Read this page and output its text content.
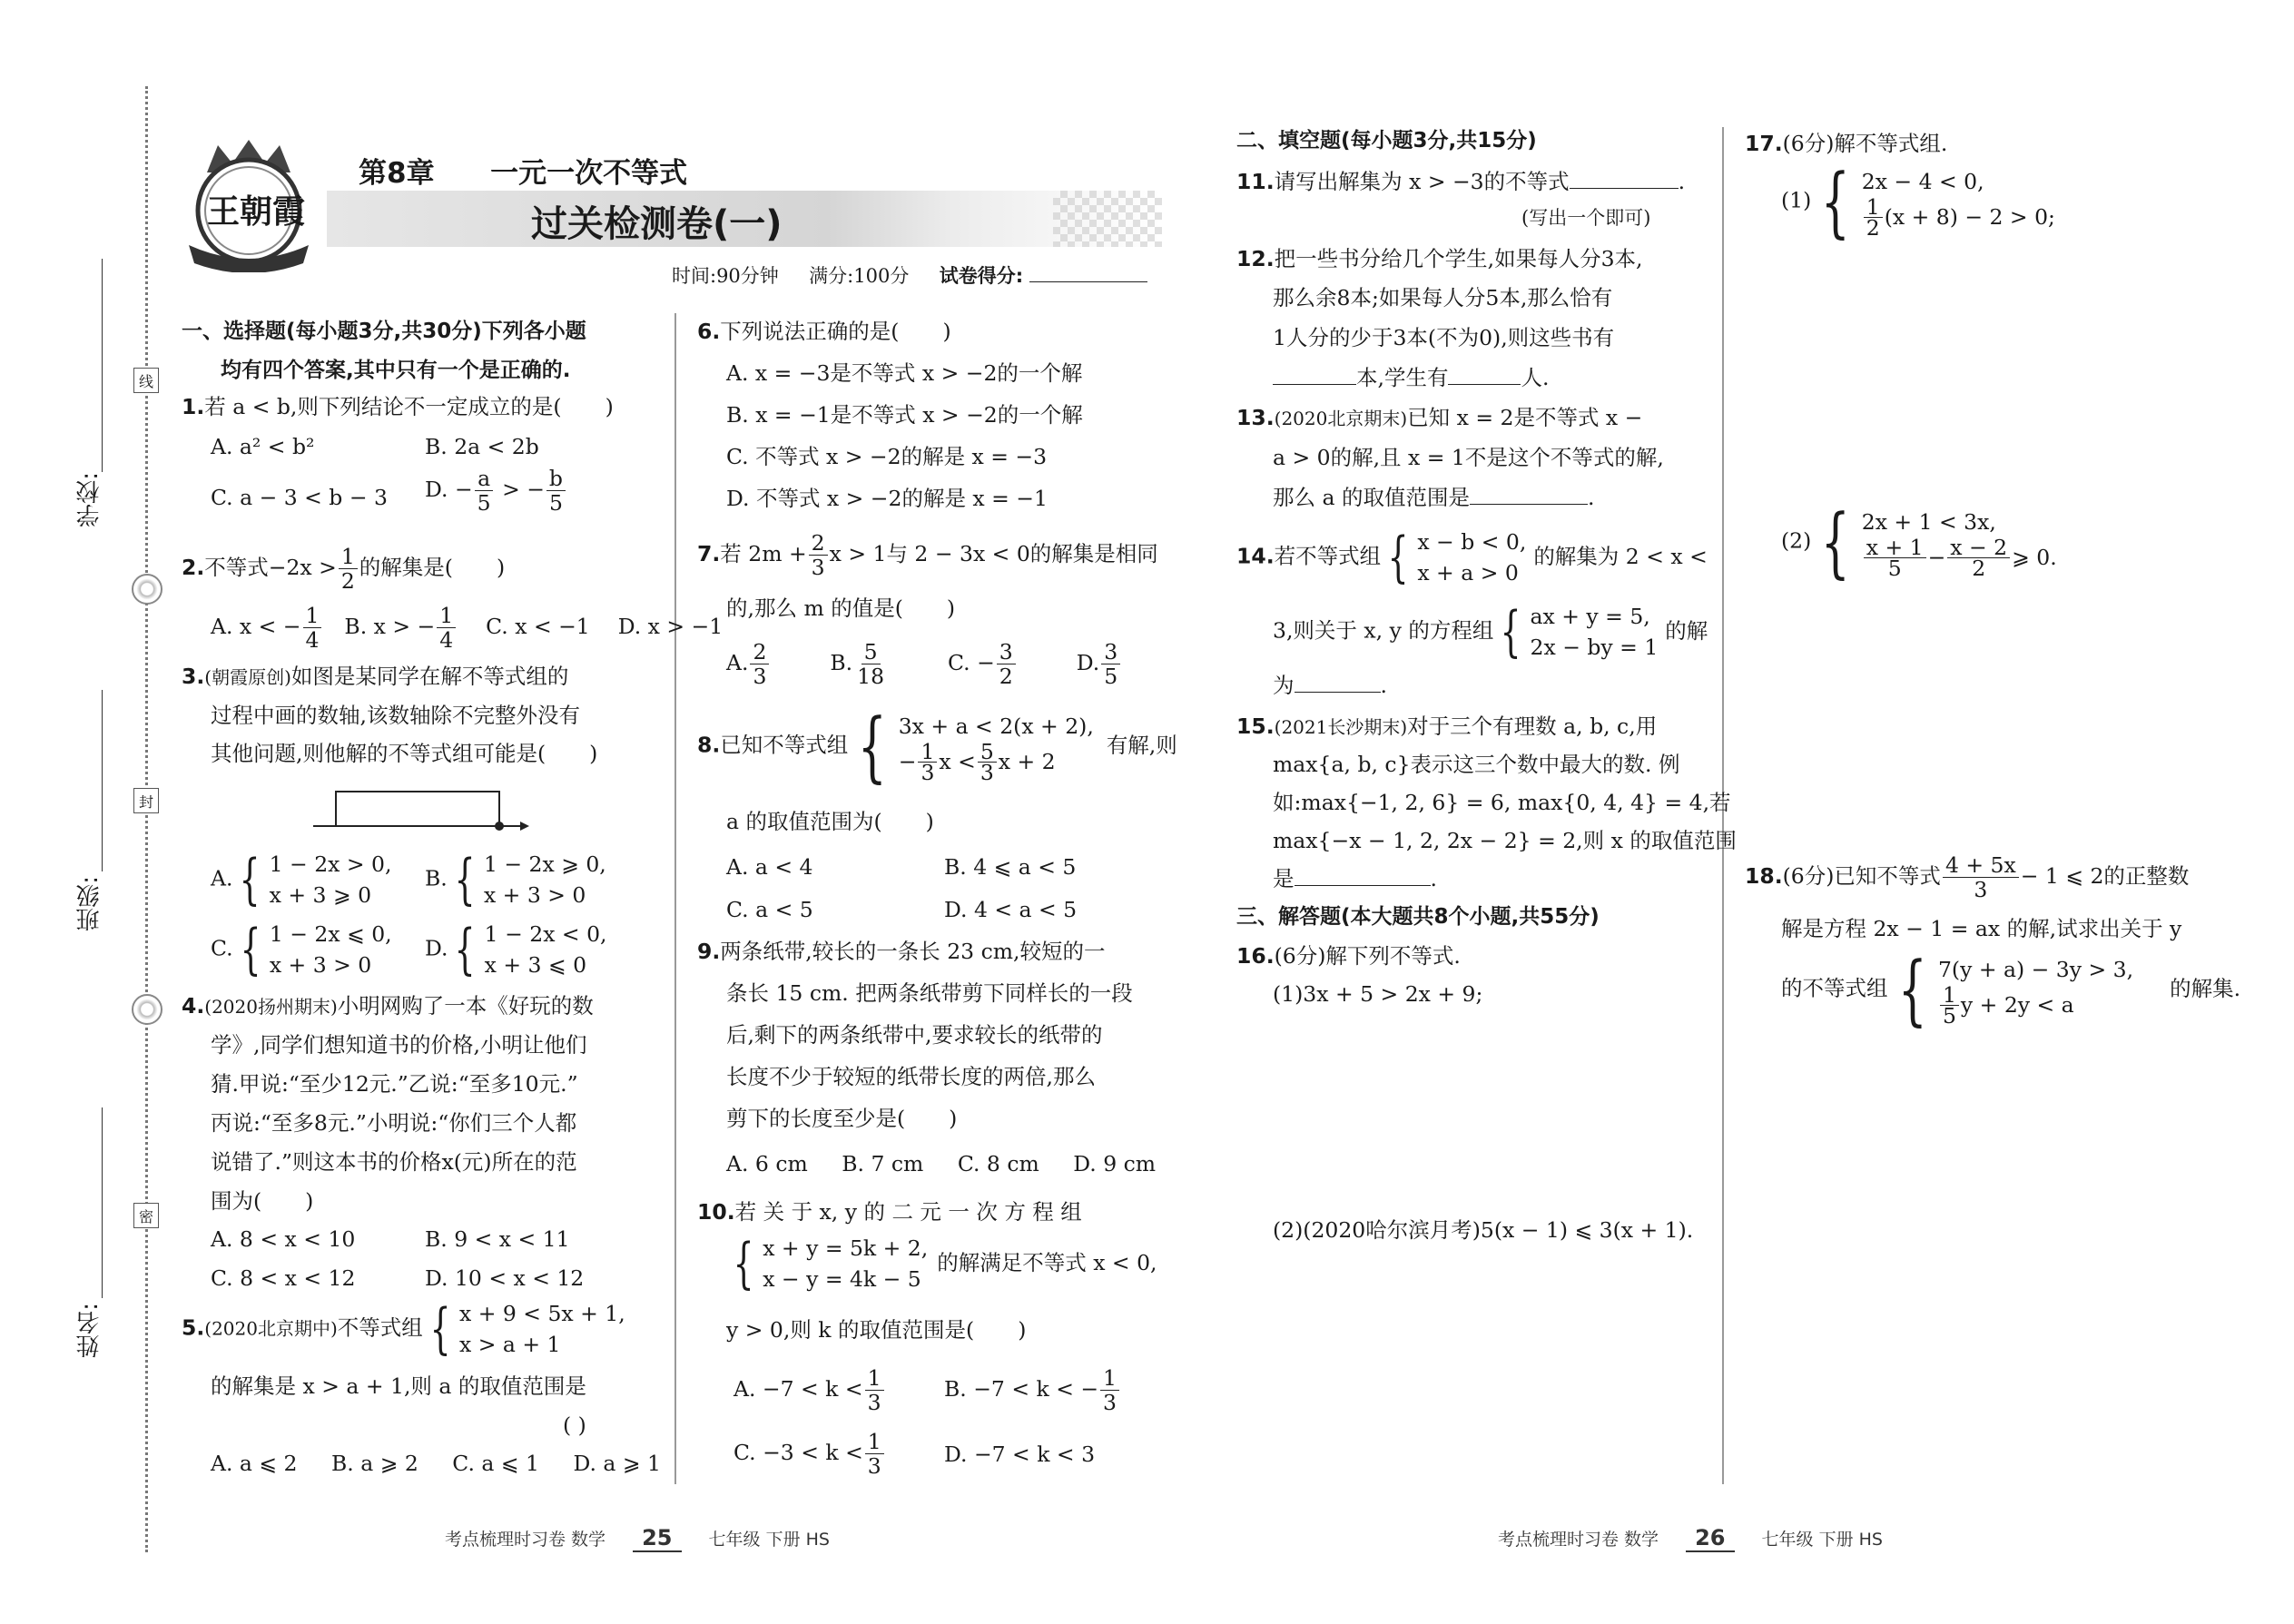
学校:
班级:
姓名:
线
封
密
王朝霞
第8章 一元一次不等式
过关检测卷(一)
时间:90分钟 满分:100分 试卷得分:
一、选择题(每小题3分,共30分)下列各小题
均有四个答案,其中只有一个是正确的.
1.若 a < b,则下列结论不一定成立的是( )
A. a² < b²	B. 2a < 2b
C. a − 3 < b − 3 D. − $\frac{a}{5}$ > − $\frac{b}{5}$
2.不等式$-2x > \frac{1}{2}$ 的解集是( )
A. x < − $\frac{1}{4} B$. x > − $\frac{1}{4} C$. x < −1 D. x > −1
3.(朝霞原创)如图是某同学在解不等式组的
过程中画的数轴,该数轴除不完整外没有
其他问题,则他解的不等式组可能是( )
A. { 1 − 2x > 0,
x + 3 ⩾ 0
B. { 1 − 2x ⩾ 0,
x + 3 > 0
C. { 1 − 2x ⩽ 0,
x + 3 > 0
D. { 1 − 2x < 0,
x + 3 ⩽ 0
4.(2020扬州期末)小明网购了一本《好玩的数
学》,同学们想知道书的价格,小明让他们
猜.甲说:“至少12元.”乙说:“至多10元.”
丙说:“至多8元.”小明说:“你们三个人都
说错了.”则这本书的价格x(元)所在的范
围为( )
A. 8 < x < 10	B. 9 < x < 11
C. 8 < x < 12	D. 10 < x < 12
5.(2020北京期中)不等式组 { x + 9 < 5x + 1,
x > a + 1
的解集是 x > a + 1,则 a 的取值范围是
( )
A. a ⩽ 2 B. a ⩾ 2 C. a ⩽ 1 D. a ⩾ 1
6.下列说法正确的是( )
A. x = −3是不等式 x > −2的一个解
B. x = −1是不等式 x > −2的一个解
C. 不等式 x > −2的解是 x = −3
D. 不等式 x > −2的解是 x = −1
7.若 $2m + \frac{2}{3}$ x > 1与 2 − 3x < 0的解集是相同
的,那么 m 的值是( )
A. $\frac{2}{3}$	B. $\frac{5}{18}$	C. − $\frac{3}{2}$	D. $\frac{3}{5}$
8.已知不等式组 { 3x + a < 2(x + 2),
− $\frac{1}{3}$ $x < \frac{5}{3}$ x + 2
有解,则
a 的取值范围为( )
A. a < 4	B. 4 ⩽ a < 5
C. a < 5	D. 4 < a < 5
9.两条纸带,较长的一条长 23 cm,较短的一
条长 15 cm. 把两条纸带剪下同样长的一段
后,剩下的两条纸带中,要求较长的纸带的
长度不少于较短的纸带长度的两倍,那么
剪下的长度至少是( )
A. 6 cm B. 7 cm C. 8 cm D. 9 cm
10.若 关 于 x, y 的 二 元 一 次 方 程 组
{ x + y = 5k + 2,
x − y = 4k − 5
的解满足不等式 x < 0,
y > 0,则 k 的取值范围是( )
A. $-7 < k < \frac{1}{3}$	B. −7 < k < − $\frac{1}{3}$
C. $-3 < k < \frac{1}{3}$	D. −7 < k < 3
二、填空题(每小题3分,共15分)
11.请写出解集为 x > −3的不等式	.
(写出一个即可)
12.把一些书分给几个学生,如果每人分3本,
那么余8本;如果每人分5本,那么恰有
1人分的少于3本(不为0),则这些书有
本,学生有	人.
13.(2020北京期末)已知 x = 2是不等式 x −
a > 0的解,且 x = 1不是这个不等式的解,
那么 a 的取值范围是	.
14.若不等式组 { x − b < 0,
x + a > 0
的解集为 2 < x <
3,则关于 x, y 的方程组 { ax + y = 5,
2x − by = 1
的解
为	.
15.(2021长沙期末)对于三个有理数 a, b, c,用
max{a, b, c}表示这三个数中最大的数. 例
如:max{−1, 2, 6} = 6, max{0, 4, 4} = 4,若
max{−x − 1, 2, 2x − 2} = 2,则 x 的取值范围
是	.
三、解答题(本大题共8个小题,共55分)
16.(6分)解下列不等式.
(1)3x + 5 > 2x + 9;
(2)(2020哈尔滨月考)5(x − 1) ⩽ 3(x + 1).
17.(6分)解不等式组.
(1) { 2x − 4 < 0,
$\frac{1}{2} (x + 8) - 2 > 0$;
(2) { 2x + 1 < 3x,
$\frac{x + 1}{5} - \frac{x - 2}{2}$ ⩾ 0.
18.(6分)已知不等式 $\frac{4 + 5x}{3} - 1$ ⩽ 2的正整数
解是方程 2x − 1 = ax 的解,试求出关于 y
的不等式组 { 7(y + a) − 3y > 3,
$\frac{1}{5}$ y + 2y < a
的解集.
考点梳理时习卷 数学 25 七年级 下册 HS	考点梳理时习卷 数学 26 七年级 下册 HS
